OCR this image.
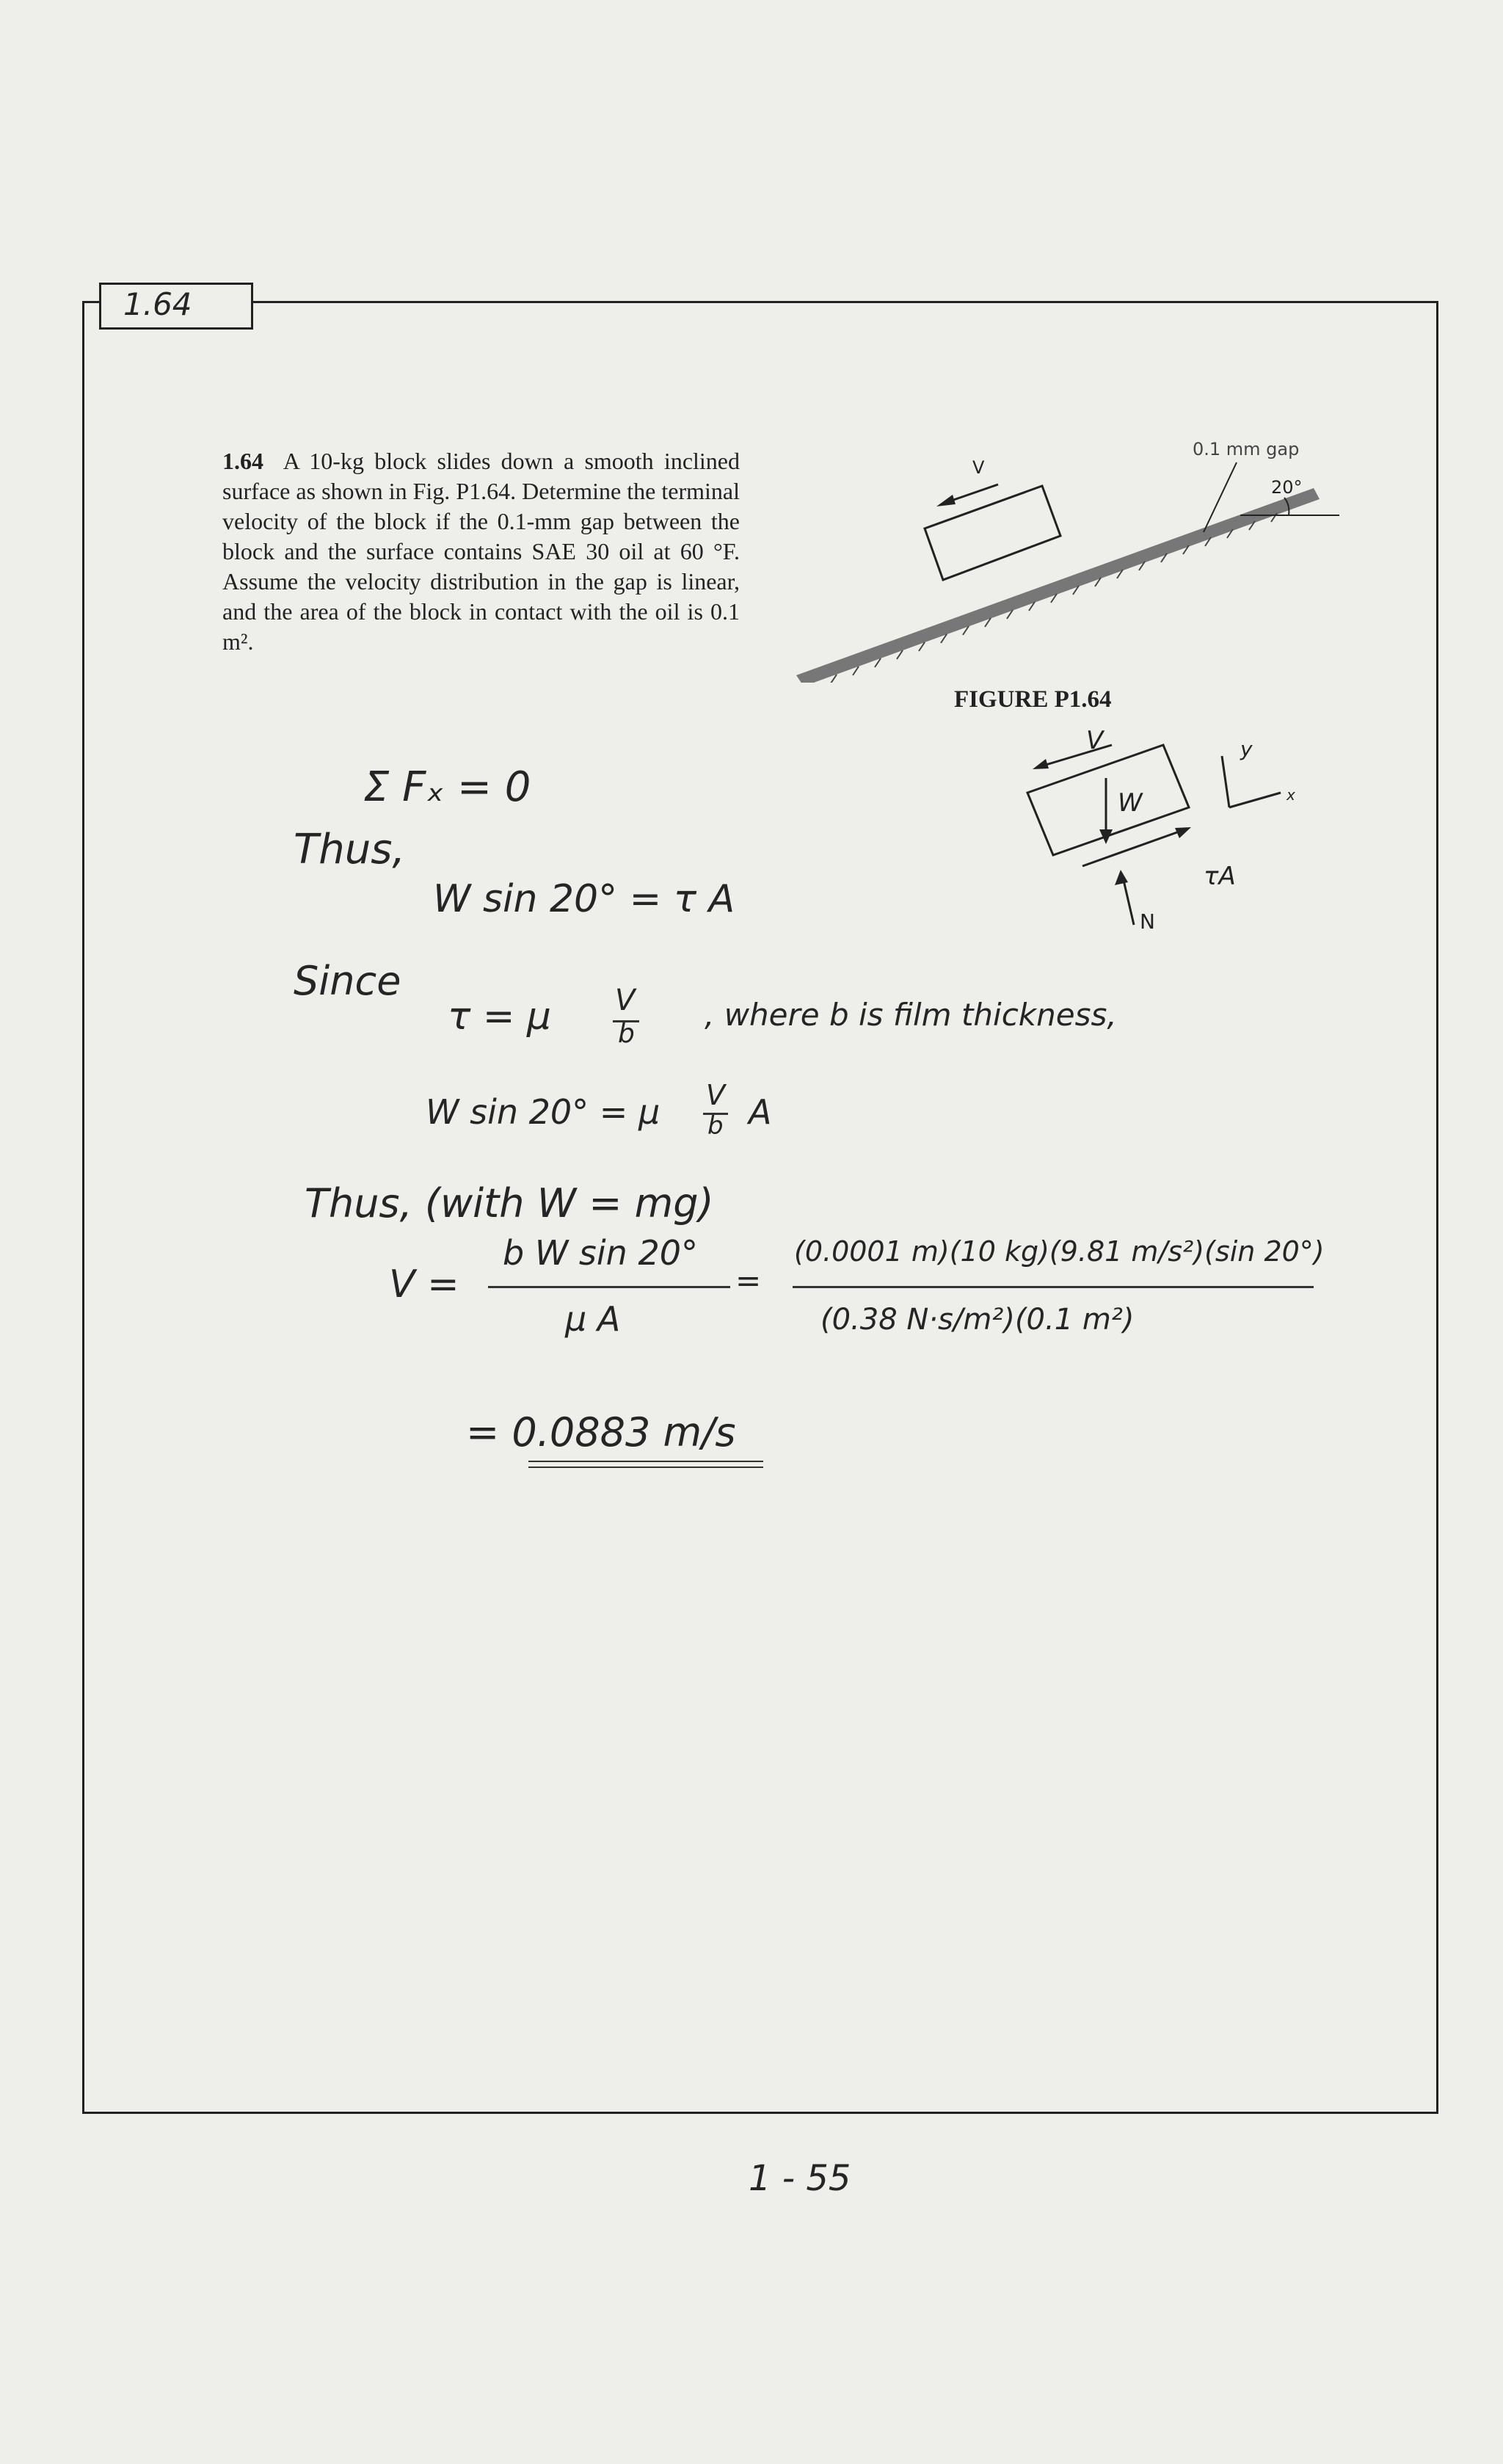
1.64
1.64 A 10-kg block slides down a smooth inclined surface as shown in Fig. P1.64. Determine the terminal velocity of the block if the 0.1-mm gap between the block and the surface contains SAE 30 oil at 60 °F. Assume the velocity distribution in the gap is linear, and the area of the block in contact with the oil is 0.1 m².
V
0.1 mm gap
20°
FIGURE P1.64
V
W
τA
N
y
x
Σ Fₓ = 0
Thus,
W sin 20° = τ A
Since
τ = μ V
b
, where b is film thickness,
W sin 20° = μ V
b A
Thus, (with W = mg)
V =
b W sin 20°
μ A
=
(0.0001 m)(10 kg)(9.81 m/s²)(sin 20°)
(0.38 N·s/m²)(0.1 m²)
= 0.0883 m/s
1 - 55
